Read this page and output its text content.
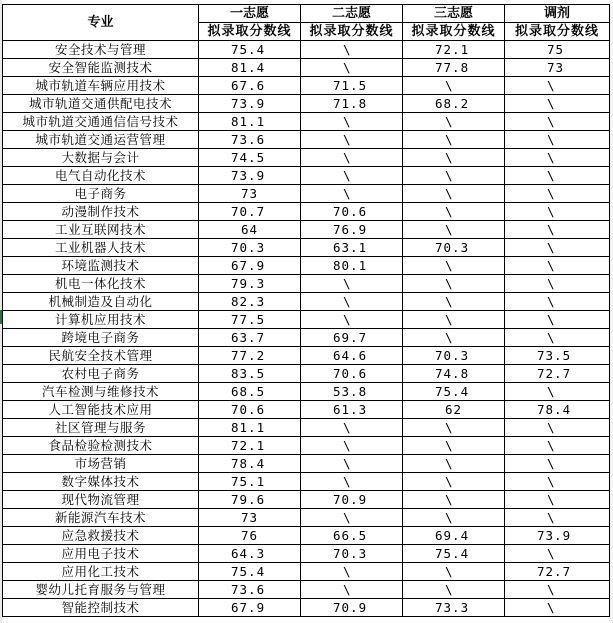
专业	一志愿	二志愿	三志愿	调剂
	拟录取分数线	拟录取分数线	拟录取分数线	拟录取分数线
安全技术与管理	75.4	\	72.1	75
安全智能监测技术	81.4	\	77.8	73
城市轨道车辆应用技术	67.6	71.5	\	\
城市轨道交通供配电技术	73.9	71.8	68.2	\
城市轨道交通通信信号技术	81.1	\	\	\
城市轨道交通运营管理	73.6	\	\	\
大数据与会计	74.5	\	\	\
电气自动化技术	73.9	\	\	\
电子商务	73	\	\	\
动漫制作技术	70.7	70.6	\	\
工业互联网技术	64	76.9	\	\
工业机器人技术	70.3	63.1	70.3	\
环境监测技术	67.9	80.1	\	\
机电一体化技术	79.3	\	\	\
机械制造及自动化	82.3	\	\	\
计算机应用技术	77.5	\	\	\
跨境电子商务	63.7	69.7	\	\
民航安全技术管理	77.2	64.6	70.3	73.5
农村电子商务	83.5	70.6	74.8	72.7
汽车检测与维修技术	68.5	53.8	75.4	\
人工智能技术应用	70.6	61.3	62	78.4
社区管理与服务	81.1	\	\	\
食品检验检测技术	72.1	\	\	\
市场营销	78.4	\	\	\
数字媒体技术	75.1	\	\	\
现代物流管理	79.6	70.9	\	\
新能源汽车技术	73	\	\	\
应急救援技术	76	66.5	69.4	73.9
应用电子技术	64.3	70.3	75.4	\
应用化工技术	75.4	\	\	72.7
婴幼儿托育服务与管理	73.6	\	\	\
智能控制技术	67.9	70.9	73.3	\
